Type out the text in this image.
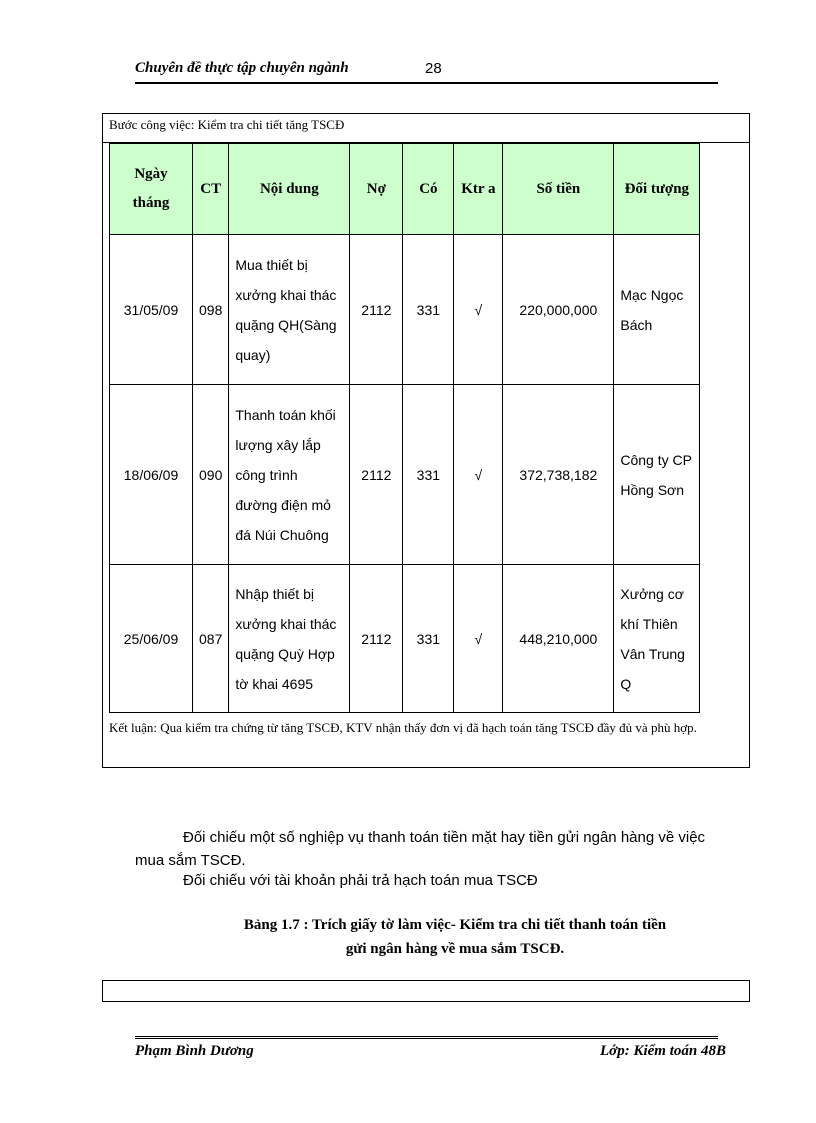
Chuyên đề thực tập chuyên ngành	28
Bước công việc: Kiểm tra chi tiết tăng TSCĐ
Ngày tháng	CT	Nội dung	Nợ	Có	Ktr a	Số tiền	Đối tượng
31/05/09	098	Mua thiết bị xưởng khai thác quặng QH(Sàng quay)	2112	331	√	220,000,000	Mạc Ngọc Bách
18/06/09	090	Thanh toán khối lượng xây lắp công trình đường điện mỏ đá Núi Chuông	2112	331	√	372,738,182	Công ty CP Hồng Sơn
25/06/09	087	Nhập thiết bị xưởng khai thác quặng Quỳ Hợp tờ khai 4695	2112	331	√	448,210,000	Xưởng cơ khí Thiên Vân Trung Q
Kết luận: Qua kiểm tra chứng từ tăng TSCĐ, KTV nhận thấy đơn vị đã hạch toán tăng TSCĐ đầy đủ và phù hợp.
Đối chiếu một số nghiệp vụ thanh toán tiền mặt hay tiền gửi ngân hàng về việc mua sắm TSCĐ.
Đối chiếu với tài khoản phải trả hạch toán mua TSCĐ
Bảng 1.7 : Trích giấy tờ làm việc- Kiểm tra chi tiết thanh toán tiền
gửi ngân hàng về mua sắm TSCĐ.
Phạm Bình Dương	Lớp: Kiểm toán 48B
